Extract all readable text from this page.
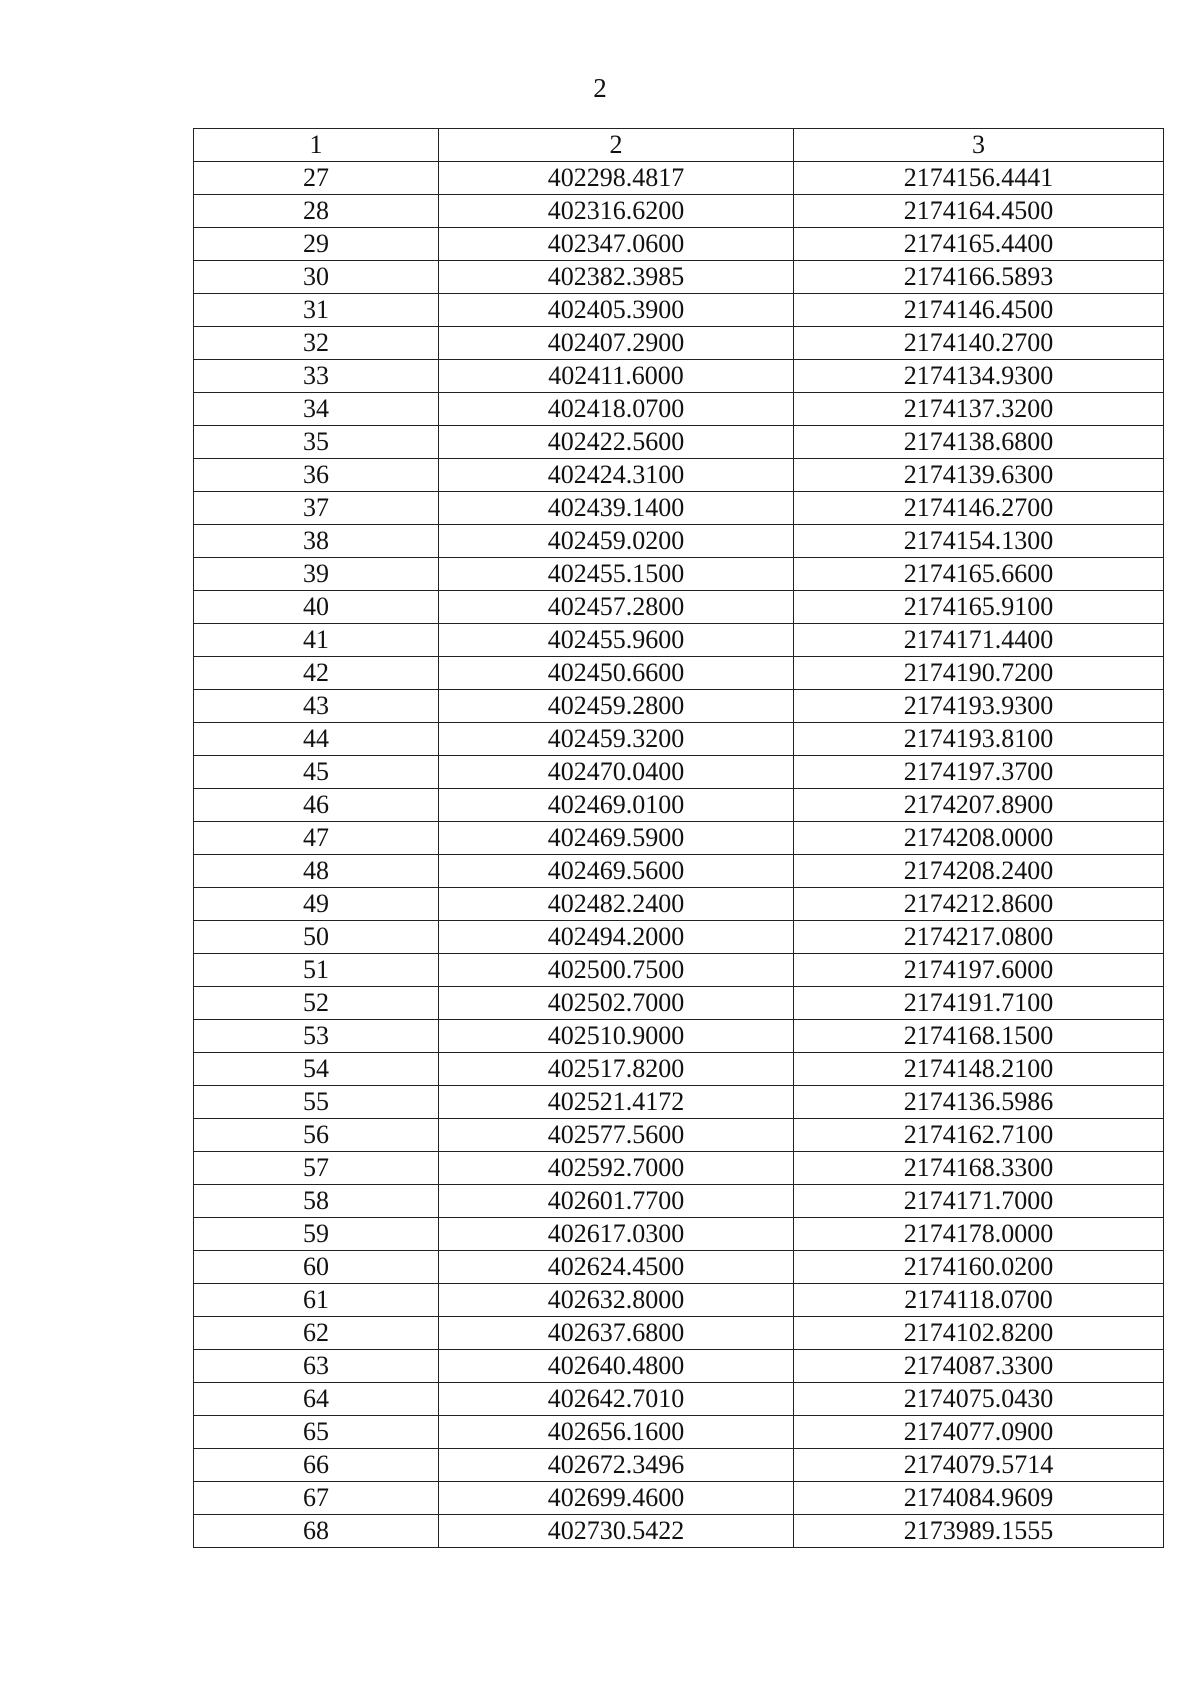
2
1	2	3
27	402298.4817	2174156.4441
28	402316.6200	2174164.4500
29	402347.0600	2174165.4400
30	402382.3985	2174166.5893
31	402405.3900	2174146.4500
32	402407.2900	2174140.2700
33	402411.6000	2174134.9300
34	402418.0700	2174137.3200
35	402422.5600	2174138.6800
36	402424.3100	2174139.6300
37	402439.1400	2174146.2700
38	402459.0200	2174154.1300
39	402455.1500	2174165.6600
40	402457.2800	2174165.9100
41	402455.9600	2174171.4400
42	402450.6600	2174190.7200
43	402459.2800	2174193.9300
44	402459.3200	2174193.8100
45	402470.0400	2174197.3700
46	402469.0100	2174207.8900
47	402469.5900	2174208.0000
48	402469.5600	2174208.2400
49	402482.2400	2174212.8600
50	402494.2000	2174217.0800
51	402500.7500	2174197.6000
52	402502.7000	2174191.7100
53	402510.9000	2174168.1500
54	402517.8200	2174148.2100
55	402521.4172	2174136.5986
56	402577.5600	2174162.7100
57	402592.7000	2174168.3300
58	402601.7700	2174171.7000
59	402617.0300	2174178.0000
60	402624.4500	2174160.0200
61	402632.8000	2174118.0700
62	402637.6800	2174102.8200
63	402640.4800	2174087.3300
64	402642.7010	2174075.0430
65	402656.1600	2174077.0900
66	402672.3496	2174079.5714
67	402699.4600	2174084.9609
68	402730.5422	2173989.1555
